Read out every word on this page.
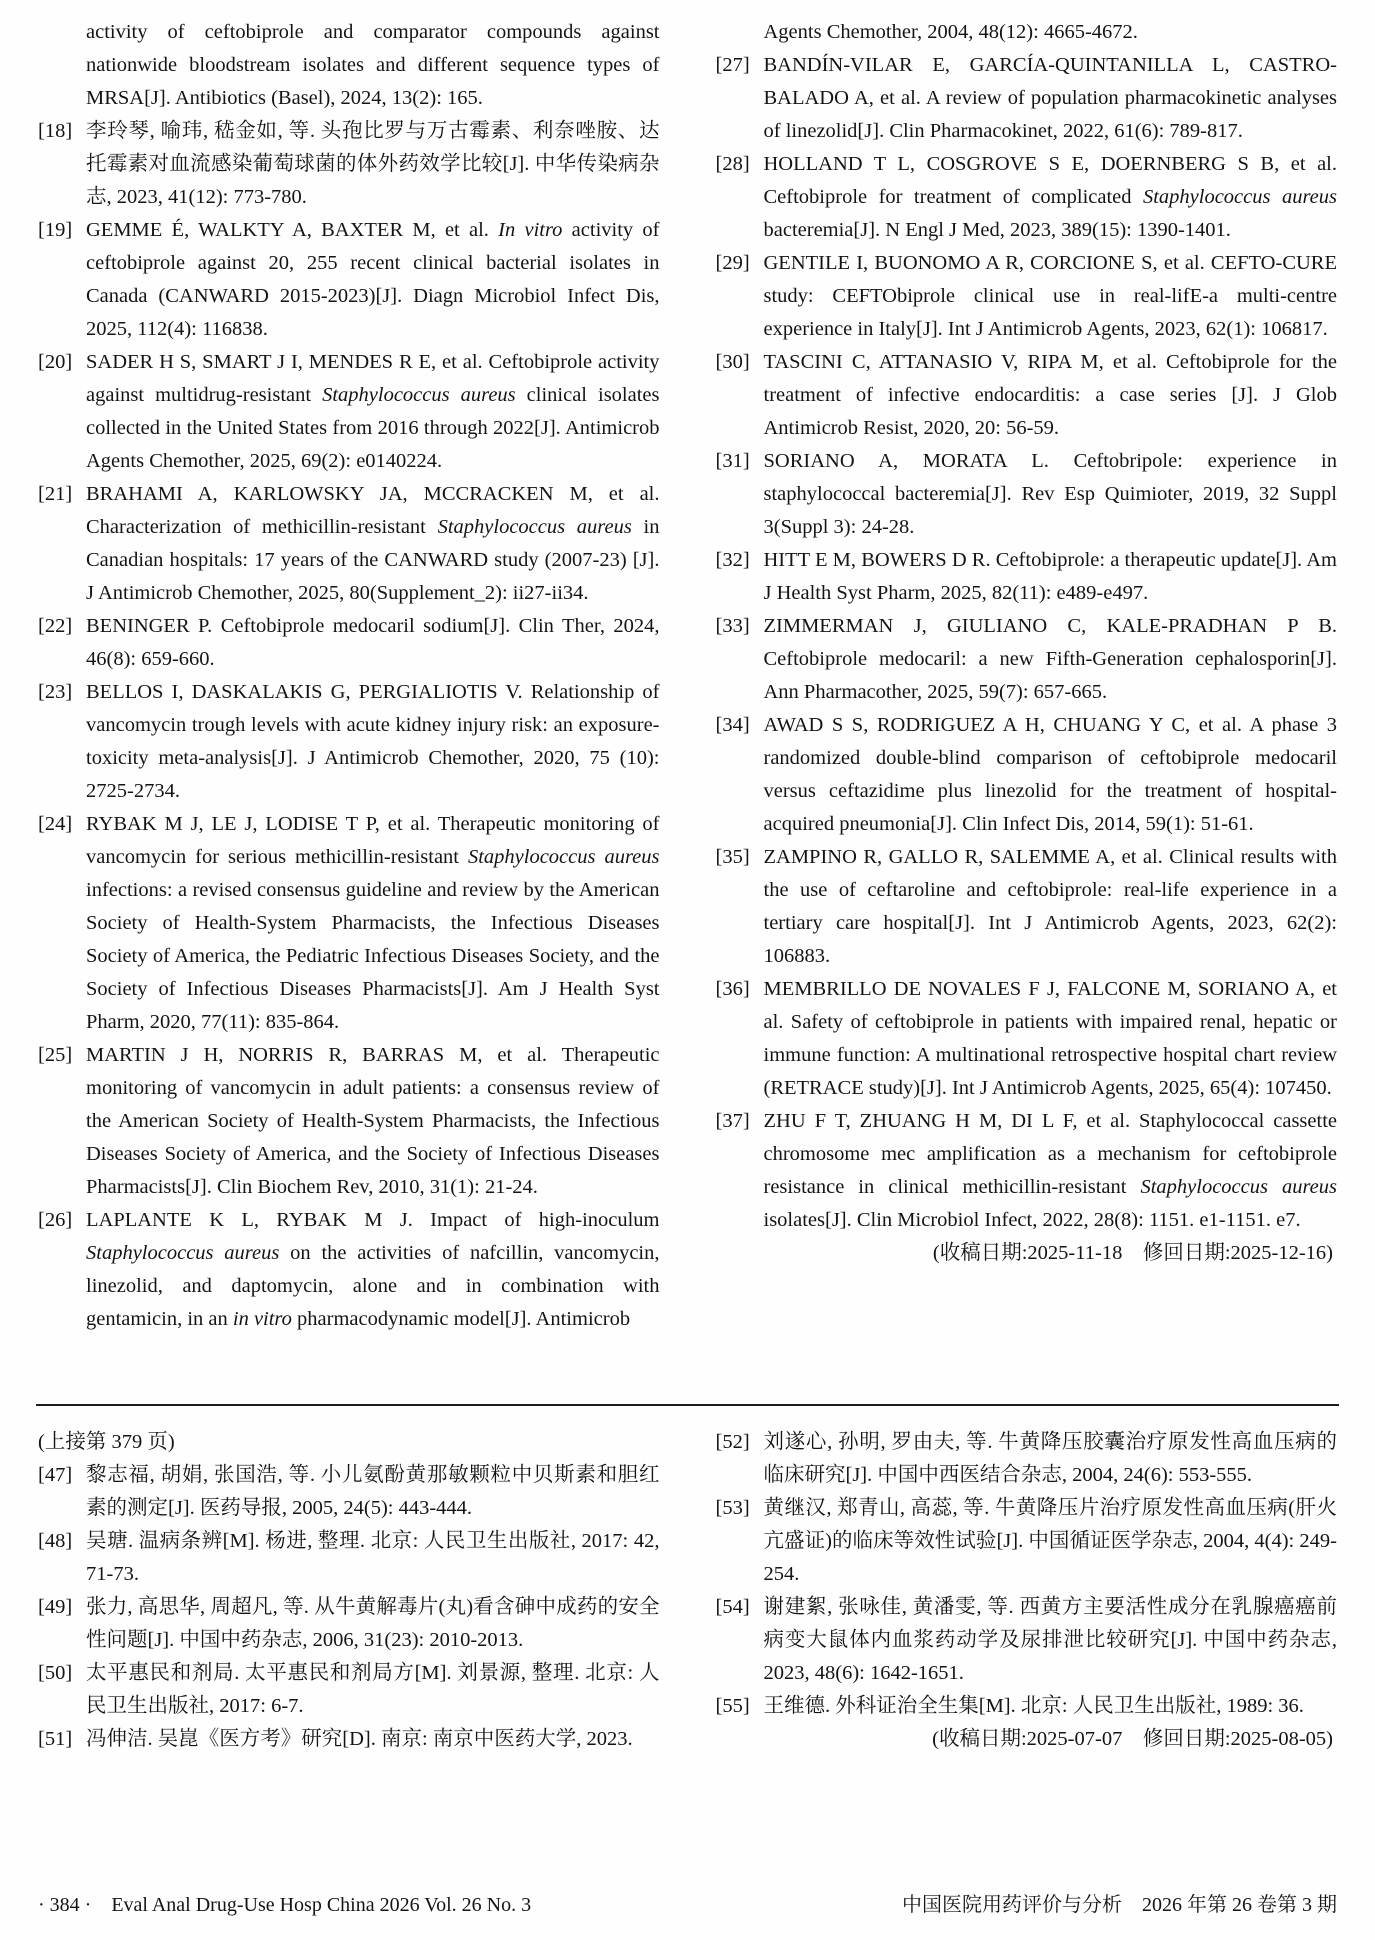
activity of ceftobiprole and comparator compounds against nationwide bloodstream isolates and different sequence types of MRSA[J]. Antibiotics (Basel), 2024, 13(2): 165.
[18] 李玲琴, 喻玮, 嵇金如, 等. 头孢比罗与万古霉素、利奈唑胺、达托霉素对血流感染葡萄球菌的体外药效学比较[J]. 中华传染病杂志, 2023, 41(12): 773-780.
[19] GEMME É, WALKTY A, BAXTER M, et al. In vitro activity of ceftobiprole against 20, 255 recent clinical bacterial isolates in Canada (CANWARD 2015-2023)[J]. Diagn Microbiol Infect Dis, 2025, 112(4): 116838.
[20] SADER H S, SMART J I, MENDES R E, et al. Ceftobiprole activity against multidrug-resistant Staphylococcus aureus clinical isolates collected in the United States from 2016 through 2022[J]. Antimicrob Agents Chemother, 2025, 69(2): e0140224.
[21] BRAHAMI A, KARLOWSKY JA, MCCRACKEN M, et al. Characterization of methicillin-resistant Staphylococcus aureus in Canadian hospitals: 17 years of the CANWARD study (2007-23) [J]. J Antimicrob Chemother, 2025, 80(Supplement_2): ii27-ii34.
[22] BENINGER P. Ceftobiprole medocaril sodium[J]. Clin Ther, 2024, 46(8): 659-660.
[23] BELLOS I, DASKALAKIS G, PERGIALIOTIS V. Relationship of vancomycin trough levels with acute kidney injury risk: an exposure-toxicity meta-analysis[J]. J Antimicrob Chemother, 2020, 75 (10): 2725-2734.
[24] RYBAK M J, LE J, LODISE T P, et al. Therapeutic monitoring of vancomycin for serious methicillin-resistant Staphylococcus aureus infections: a revised consensus guideline and review by the American Society of Health-System Pharmacists, the Infectious Diseases Society of America, the Pediatric Infectious Diseases Society, and the Society of Infectious Diseases Pharmacists[J]. Am J Health Syst Pharm, 2020, 77(11): 835-864.
[25] MARTIN J H, NORRIS R, BARRAS M, et al. Therapeutic monitoring of vancomycin in adult patients: a consensus review of the American Society of Health-System Pharmacists, the Infectious Diseases Society of America, and the Society of Infectious Diseases Pharmacists[J]. Clin Biochem Rev, 2010, 31(1): 21-24.
[26] LAPLANTE K L, RYBAK M J. Impact of high-inoculum Staphylococcus aureus on the activities of nafcillin, vancomycin, linezolid, and daptomycin, alone and in combination with gentamicin, in an in vitro pharmacodynamic model[J]. Antimicrob
Agents Chemother, 2004, 48(12): 4665-4672.
[27] BANDÍN-VILAR E, GARCÍA-QUINTANILLA L, CASTRO-BALADO A, et al. A review of population pharmacokinetic analyses of linezolid[J]. Clin Pharmacokinet, 2022, 61(6): 789-817.
[28] HOLLAND T L, COSGROVE S E, DOERNBERG S B, et al. Ceftobiprole for treatment of complicated Staphylococcus aureus bacteremia[J]. N Engl J Med, 2023, 389(15): 1390-1401.
[29] GENTILE I, BUONOMO A R, CORCIONE S, et al. CEFTO-CURE study: CEFTObiprole clinical use in real-lifE-a multi-centre experience in Italy[J]. Int J Antimicrob Agents, 2023, 62(1): 106817.
[30] TASCINI C, ATTANASIO V, RIPA M, et al. Ceftobiprole for the treatment of infective endocarditis: a case series [J]. J Glob Antimicrob Resist, 2020, 20: 56-59.
[31] SORIANO A, MORATA L. Ceftobripole: experience in staphylococcal bacteremia[J]. Rev Esp Quimioter, 2019, 32 Suppl 3(Suppl 3): 24-28.
[32] HITT E M, BOWERS D R. Ceftobiprole: a therapeutic update[J]. Am J Health Syst Pharm, 2025, 82(11): e489-e497.
[33] ZIMMERMAN J, GIULIANO C, KALE-PRADHAN P B. Ceftobiprole medocaril: a new Fifth-Generation cephalosporin[J]. Ann Pharmacother, 2025, 59(7): 657-665.
[34] AWAD S S, RODRIGUEZ A H, CHUANG Y C, et al. A phase 3 randomized double-blind comparison of ceftobiprole medocaril versus ceftazidime plus linezolid for the treatment of hospital-acquired pneumonia[J]. Clin Infect Dis, 2014, 59(1): 51-61.
[35] ZAMPINO R, GALLO R, SALEMME A, et al. Clinical results with the use of ceftaroline and ceftobiprole: real-life experience in a tertiary care hospital[J]. Int J Antimicrob Agents, 2023, 62(2): 106883.
[36] MEMBRILLO DE NOVALES F J, FALCONE M, SORIANO A, et al. Safety of ceftobiprole in patients with impaired renal, hepatic or immune function: A multinational retrospective hospital chart review (RETRACE study)[J]. Int J Antimicrob Agents, 2025, 65(4): 107450.
[37] ZHU F T, ZHUANG H M, DI L F, et al. Staphylococcal cassette chromosome mec amplification as a mechanism for ceftobiprole resistance in clinical methicillin-resistant Staphylococcus aureus isolates[J]. Clin Microbiol Infect, 2022, 28(8): 1151. e1-1151. e7.
(收稿日期:2025-11-18　修回日期:2025-12-16)
(上接第 379 页)
[47] 黎志福, 胡娟, 张国浩, 等. 小儿氨酚黄那敏颗粒中贝斯素和胆红素的测定[J]. 医药导报, 2005, 24(5): 443-444.
[48] 吴瑭. 温病条辨[M]. 杨进, 整理. 北京: 人民卫生出版社, 2017: 42, 71-73.
[49] 张力, 高思华, 周超凡, 等. 从牛黄解毒片(丸)看含砷中成药的安全性问题[J]. 中国中药杂志, 2006, 31(23): 2010-2013.
[50] 太平惠民和剂局. 太平惠民和剂局方[M]. 刘景源, 整理. 北京: 人民卫生出版社, 2017: 6-7.
[51] 冯伸洁. 吴崑《医方考》研究[D]. 南京: 南京中医药大学, 2023.
[52] 刘遂心, 孙明, 罗由夫, 等. 牛黄降压胶囊治疗原发性高血压病的临床研究[J]. 中国中西医结合杂志, 2004, 24(6): 553-555.
[53] 黄继汉, 郑青山, 高蕊, 等. 牛黄降压片治疗原发性高血压病(肝火亢盛证)的临床等效性试验[J]. 中国循证医学杂志, 2004, 4(4): 249-254.
[54] 谢建絮, 张咏佳, 黄潘雯, 等. 西黄方主要活性成分在乳腺癌癌前病变大鼠体内血浆药动学及尿排泄比较研究[J]. 中国中药杂志, 2023, 48(6): 1642-1651.
[55] 王维德. 外科证治全生集[M]. 北京: 人民卫生出版社, 1989: 36.
(收稿日期:2025-07-07　修回日期:2025-08-05)
· 384 ·　Eval Anal Drug-Use Hosp China 2026 Vol. 26 No. 3	中国医院用药评价与分析　2026 年第 26 卷第 3 期
